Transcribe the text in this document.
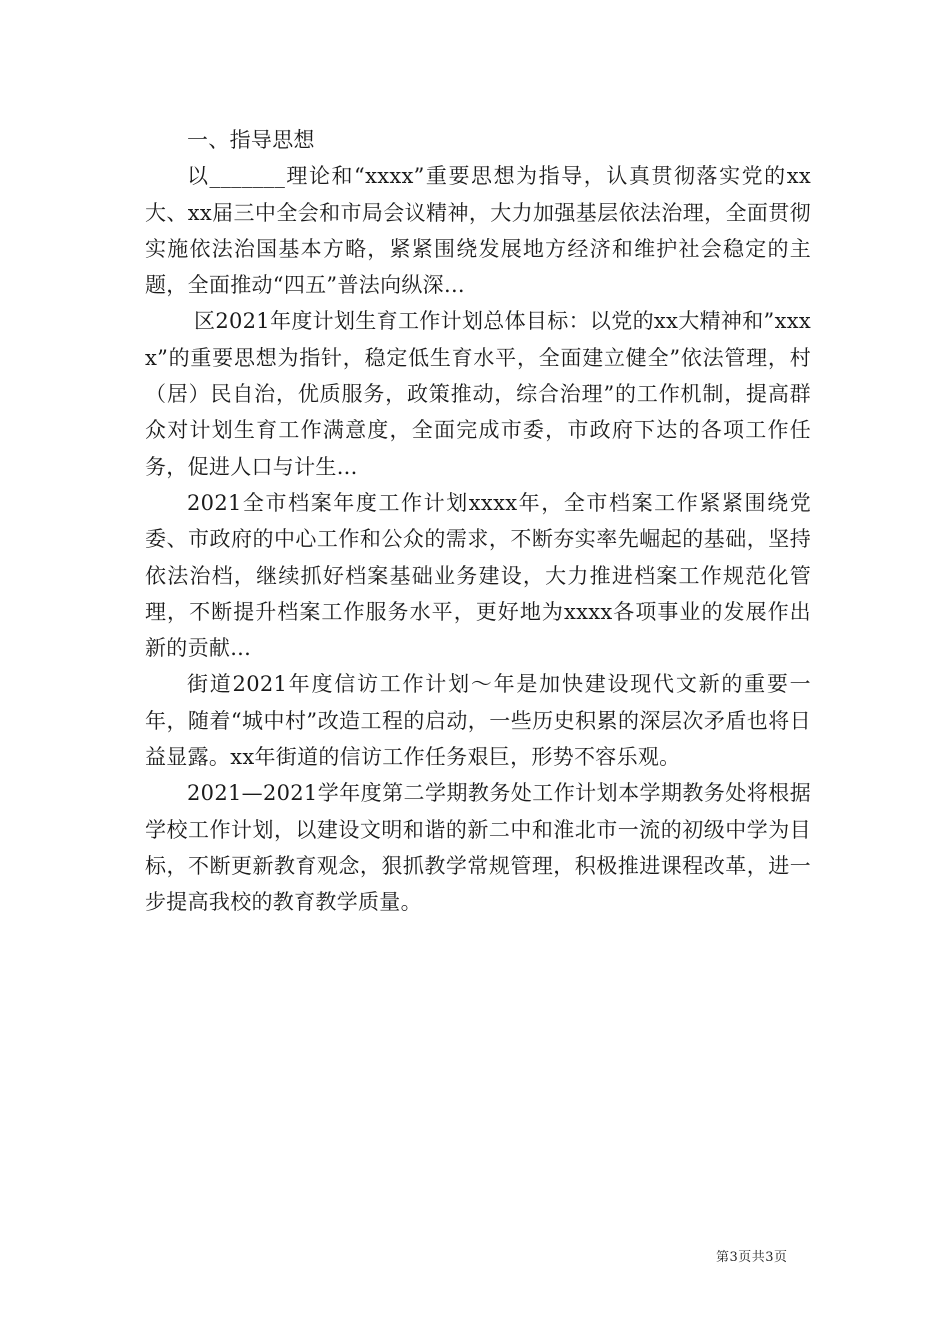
一、指导思想

以_______理论和“xxxx”重要思想为指导，认真贯彻落实党的xx大、xx届三中全会和市局会议精神，大力加强基层依法治理，全面贯彻实施依法治国基本方略，紧紧围绕发展地方经济和维护社会稳定的主题，全面推动“四五”普法向纵深...

区2021年度计划生育工作计划总体目标：以党的xx大精神和”xxxx”的重要思想为指针，稳定低生育水平，全面建立健全”依法管理，村（居）民自治，优质服务，政策推动，综合治理”的工作机制，提高群众对计划生育工作满意度，全面完成市委，市政府下达的各项工作任务，促进人口与计生...

2021全市档案年度工作计划xxxx年，全市档案工作紧紧围绕党委、市政府的中心工作和公众的需求，不断夯实率先崛起的基础，坚持依法治档，继续抓好档案基础业务建设，大力推进档案工作规范化管理，不断提升档案工作服务水平，更好地为xxxx各项事业的发展作出新的贡献...

街道2021年度信访工作计划～年是加快建设现代文新的重要一年，随着“城中村”改造工程的启动，一些历史积累的深层次矛盾也将日益显露。xx年街道的信访工作任务艰巨，形势不容乐观。

2021—2021学年度第二学期教务处工作计划本学期教务处将根据学校工作计划，以建设文明和谐的新二中和淮北市一流的初级中学为目标，不断更新教育观念，狠抓教学常规管理，积极推进课程改革，进一步提高我校的教育教学质量。

第3页共3页
